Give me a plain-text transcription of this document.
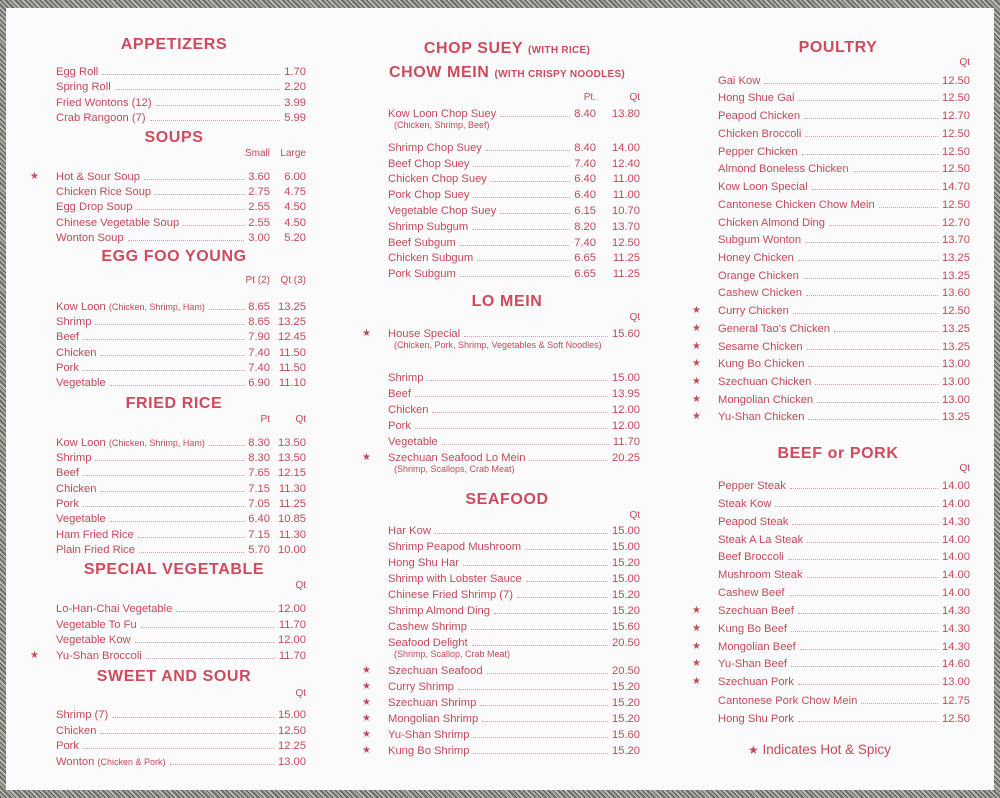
APPETIZERS
Egg Roll	1.70
Spring Roll	2.20
Fried Wontons (12)	3.99
Crab Rangoon (7)	5.99
SOUPS
Small Large
★ Hot & Sour Soup	3.60 6.00
Chicken Rice Soup	2.75 4.75
Egg Drop Soup	2.55 4.50
Chinese Vegetable Soup	2.55 4.50
Wonton Soup	3.00 5.20
EGG FOO YOUNG
Pt (2) Qt (3)
Kow Loon (Chicken, Shrimp, Ham)	8.65 13.25
Shrimp	8.65 13.25
Beef	7.90 12.45
Chicken	7.40 11.50
Pork	7.40 11.50
Vegetable	6.90 11.10
FRIED RICE
Pt	Qt
Kow Loon (Chicken, Shrimp, Ham)	8.30 13.50
Shrimp	8.30 13.50
Beef	7.65 12.15
Chicken	7.15 11.30
Pork	7.05 11.25
Vegetable	6.40 10.85
Ham Fried Rice	7.15 11.30
Plain Fried Rice	5.70 10.00
SPECIAL VEGETABLE
Qt
Lo-Han-Chai Vegetable	12.00
Vegetable To Fu	11.70
Vegetable Kow	12.00
★ Yu-Shan Broccoli	11.70
SWEET AND SOUR
Qt
Shrimp (7)	15.00
Chicken	12.50
Pork	12.25
Wonton (Chicken & Pork)	13.00
CHOP SUEY (WITH RICE)
CHOW MEIN (WITH CRISPY NOODLES)
Pt.	Qt
Kow Loon Chop Suey	8.40 13.80
(Chicken, Shrimp, Beef)
Shrimp Chop Suey	8.40 14.00
Beef Chop Suey	7.40 12.40
Chicken Chop Suey	6.40 11.00
Pork Chop Suey	6.40 11.00
Vegetable Chop Suey	6.15 10.70
Shrimp Subgum	8.20 13.70
Beef Subgum	7.40 12.50
Chicken Subgum	6.65 11.25
Pork Subgum	6.65 11.25
LO MEIN
Qt
★ House Special	15.60
(Chicken, Pork, Shrimp, Vegetables & Soft Noodles)
Shrimp	15.00
Beef	13.95
Chicken	12.00
Pork	12.00
Vegetable	11.70
★ Szechuan Seafood Lo Mein	20.25
(Shrimp, Scallops, Crab Meat)
SEAFOOD
Qt
Har Kow	15.00
Shrimp Peapod Mushroom	15.00
Hong Shu Har	15.20
Shrimp with Lobster Sauce	15.00
Chinese Fried Shrimp (7)	15.20
Shrimp Almond Ding	15.20
Cashew Shrimp	15.60
Seafood Delight	20.50
(Shrimp, Scallop, Crab Meat)
★ Szechuan Seafood	20.50
★ Curry Shrimp	15.20
★ Szechuan Shrimp	15.20
★ Mongolian Shrimp	15.20
★ Yu-Shan Shrimp	15.60
★ Kung Bo Shrimp	15.20
POULTRY
Qt
Gai Kow	12.50
Hong Shue Gai	12.50
Peapod Chicken	12.70
Chicken Broccoli	12.50
Pepper Chicken	12.50
Almond Boneless Chicken	12.50
Kow Loon Special	14.70
Cantonese Chicken Chow Mein	12.50
Chicken Almond Ding	12.70
Subgum Wonton	13.70
Honey Chicken	13.25
Orange Chicken	13.25
Cashew Chicken	13.60
★ Curry Chicken	12.50
★ General Tao's Chicken	13.25
★ Sesame Chicken	13.25
★ Kung Bo Chicken	13.00
★ Szechuan Chicken	13.00
★ Mongolian Chicken	13.00
★ Yu-Shan Chicken	13.25
BEEF or PORK
Qt
Pepper Steak	14.00
Steak Kow	14.00
Peapod Steak	14.30
Steak A La Steak	14.00
Beef Broccoli	14.00
Mushroom Steak	14.00
Cashew Beef	14.00
★ Szechuan Beef	14.30
★ Kung Bo Beef	14.30
★ Mongolian Beef	14.30
★ Yu-Shan Beef	14.60
★ Szechuan Pork	13.00
Cantonese Pork Chow Mein	12.75
Hong Shu Pork	12.50
★ Indicates Hot & Spicy
